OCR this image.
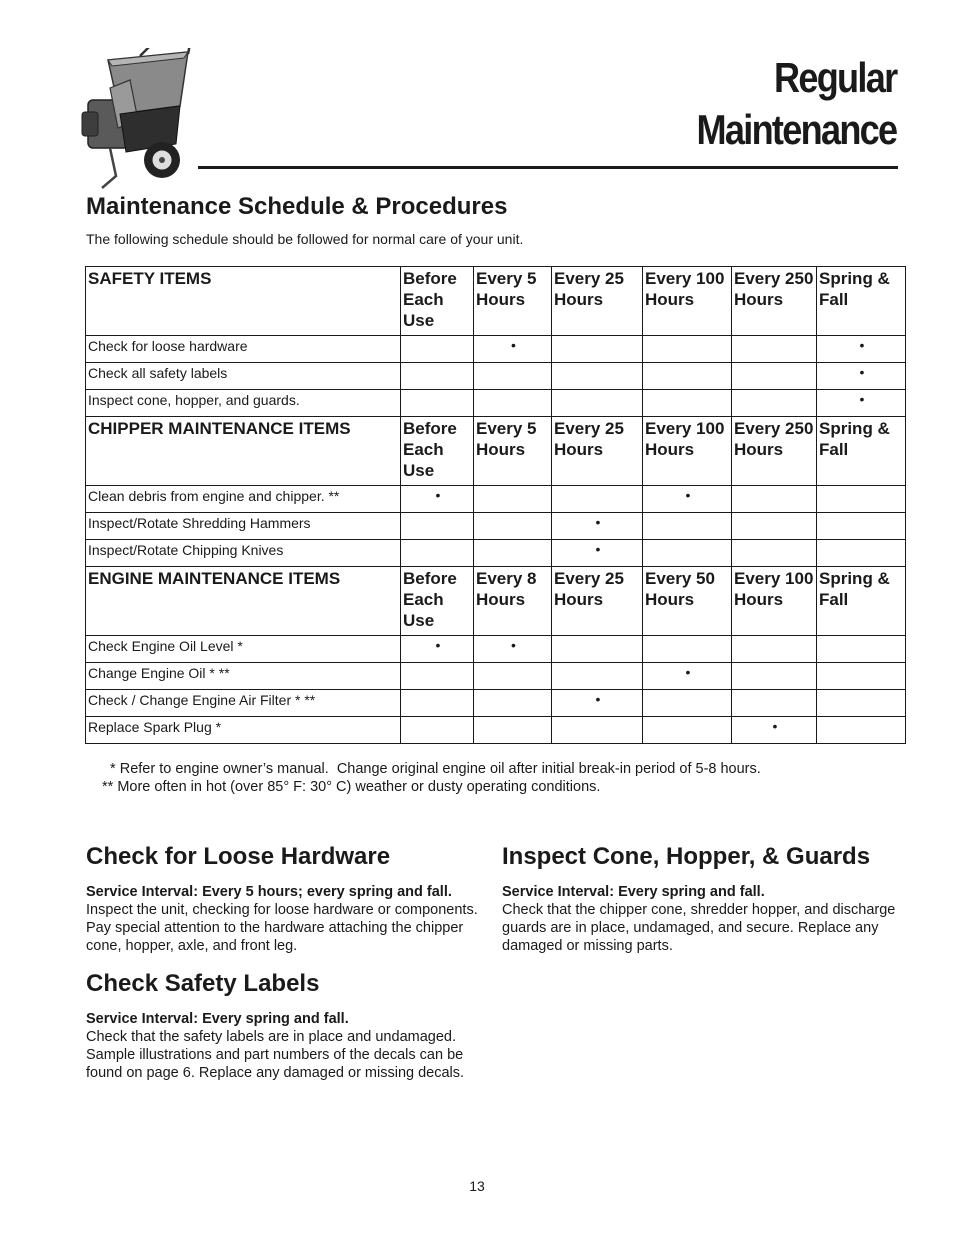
Regular
Maintenance
Maintenance Schedule & Procedures
The following schedule should be followed for normal care of your unit.
SAFETY ITEMS	Before Each Use	Every 5 Hours	Every 25 Hours	Every 100 Hours	Every 250 Hours	Spring & Fall
Check for loose hardware		•				•
Check all safety labels						•
Inspect cone, hopper, and guards.						•
CHIPPER MAINTENANCE ITEMS	Before Each Use	Every 5 Hours	Every 25 Hours	Every 100 Hours	Every 250 Hours	Spring & Fall
Clean debris from engine and chipper. **	•			•		
Inspect/Rotate Shredding Hammers			•			
Inspect/Rotate Chipping Knives			•			
ENGINE MAINTENANCE ITEMS	Before Each Use	Every 8 Hours	Every 25 Hours	Every 50 Hours	Every 100 Hours	Spring & Fall
Check Engine Oil Level *	•	•				
Change Engine Oil * **				•		
Check / Change Engine Air Filter * **			•			
Replace Spark Plug *					•	
* Refer to engine owner’s manual.  Change original engine oil after initial break-in period of 5-8 hours.
** More often in hot (over 85° F: 30° C) weather or dusty operating conditions.
Check for Loose Hardware
Service Interval: Every 5 hours; every spring and fall.
Inspect the unit, checking for loose hardware or components. Pay special attention to the hardware attaching the chipper cone, hopper, axle, and front leg.
Check Safety Labels
Service Interval: Every spring and fall.
Check that the safety labels are in place and undamaged. Sample illustrations and part numbers of the decals can be found on page 6. Replace any damaged or missing decals.
Inspect Cone, Hopper, & Guards
Service Interval: Every spring and fall.
Check that the chipper cone, shredder hopper, and discharge guards are in place, undamaged, and secure. Replace any damaged or missing parts.
13
